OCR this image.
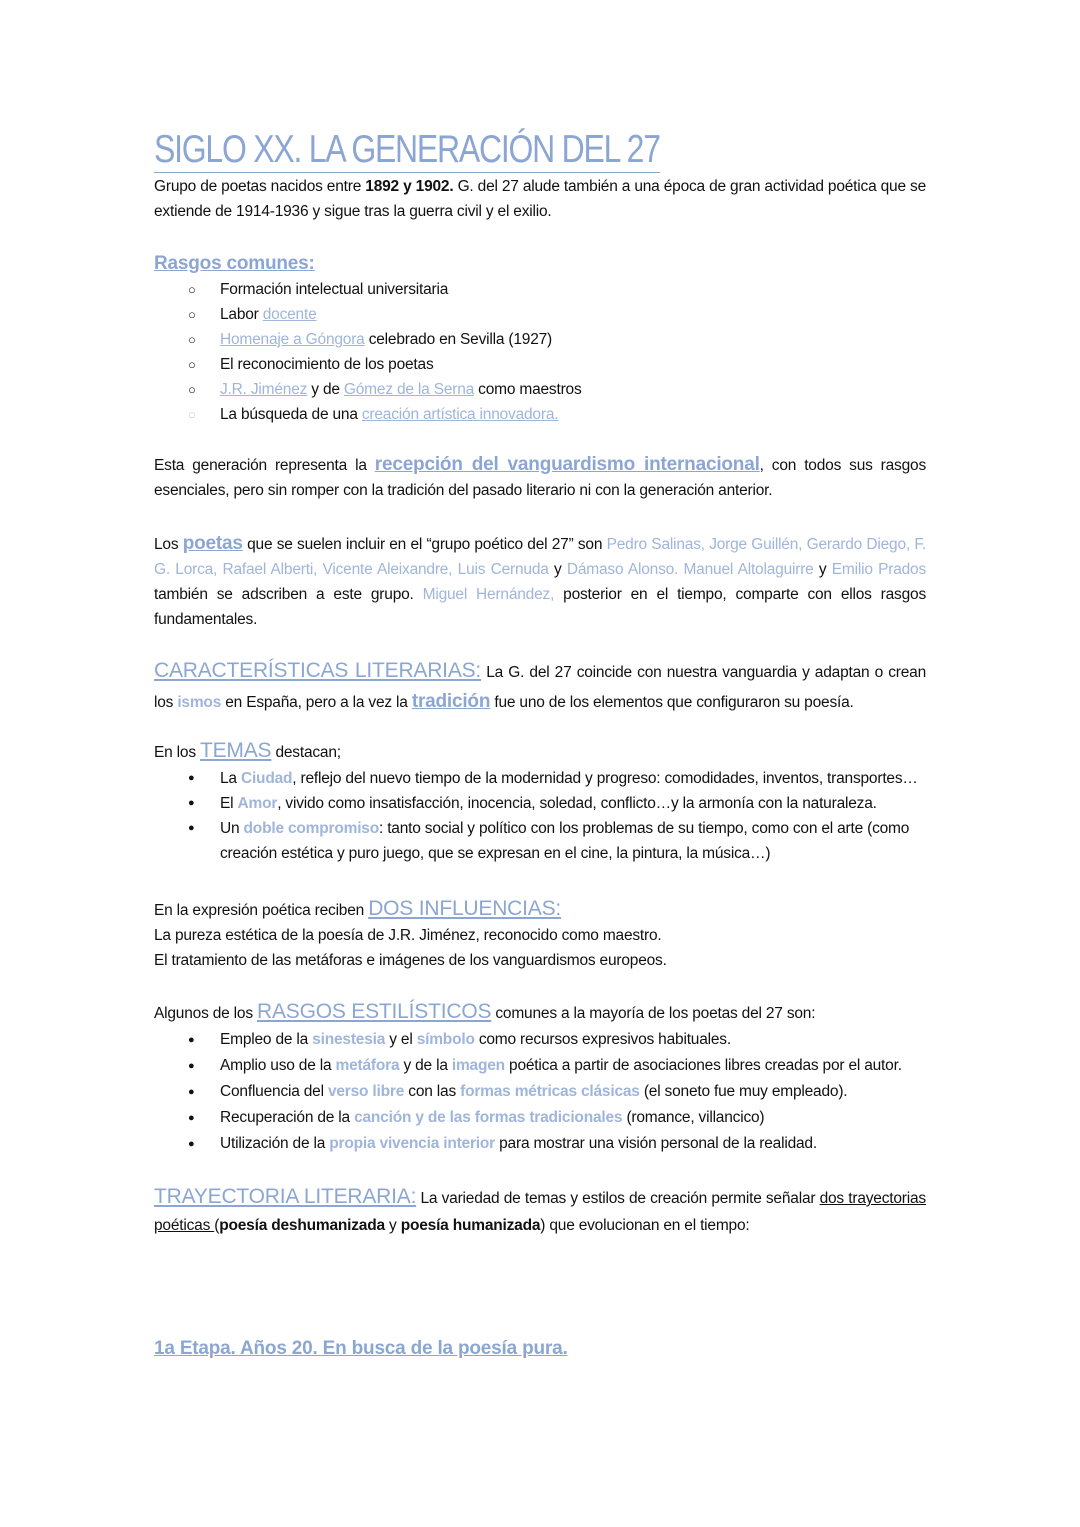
SIGLO XX. LA GENERACIÓN DEL 27
Grupo de poetas nacidos entre 1892 y 1902. G. del 27 alude también a una época de gran actividad poética que se extiende de 1914-1936 y sigue tras la guerra civil y el exilio.
Rasgos comunes:
○ Formación intelectual universitaria
○ Labor docente
○ Homenaje a Góngora celebrado en Sevilla (1927)
○ El reconocimiento de los poetas
○ J.R. Jiménez y de Gómez de la Serna como maestros
○ La búsqueda de una creación artística innovadora.
Esta generación representa la recepción del vanguardismo internacional, con todos sus rasgos esenciales, pero sin romper con la tradición del pasado literario ni con la generación anterior.
Los poetas que se suelen incluir en el “grupo poético del 27” son Pedro Salinas, Jorge Guillén, Gerardo Diego, F. G. Lorca, Rafael Alberti, Vicente Aleixandre, Luis Cernuda y Dámaso Alonso. Manuel Altolaguirre y Emilio Prados también se adscriben a este grupo. Miguel Hernández, posterior en el tiempo, comparte con ellos rasgos fundamentales.
CARACTERÍSTICAS LITERARIAS: La G. del 27 coincide con nuestra vanguardia y adaptan o crean los ismos en España, pero a la vez la tradición fue uno de los elementos que configuraron su poesía.
En los TEMAS destacan;
● La Ciudad, reflejo del nuevo tiempo de la modernidad y progreso: comodidades, inventos, transportes…
● El Amor, vivido como insatisfacción, inocencia, soledad, conflicto…y la armonía con la naturaleza.
● Un doble compromiso: tanto social y político con los problemas de su tiempo, como con el arte (como creación estética y puro juego, que se expresan en el cine, la pintura, la música…)
En la expresión poética reciben DOS INFLUENCIAS:
La pureza estética de la poesía de J.R. Jiménez, reconocido como maestro.
El tratamiento de las metáforas e imágenes de los vanguardismos europeos.
Algunos de los RASGOS ESTILÍSTICOS comunes a la mayoría de los poetas del 27 son:
● Empleo de la sinestesia y el símbolo como recursos expresivos habituales.
● Amplio uso de la metáfora y de la imagen poética a partir de asociaciones libres creadas por el autor.
● Confluencia del verso libre con las formas métricas clásicas (el soneto fue muy empleado).
● Recuperación de la canción y de las formas tradicionales (romance, villancico)
● Utilización de la propia vivencia interior para mostrar una visión personal de la realidad.
TRAYECTORIA LITERARIA: La variedad de temas y estilos de creación permite señalar dos trayectorias poéticas (poesía deshumanizada y poesía humanizada) que evolucionan en el tiempo:
1a Etapa. Años 20. En busca de la poesía pura.
